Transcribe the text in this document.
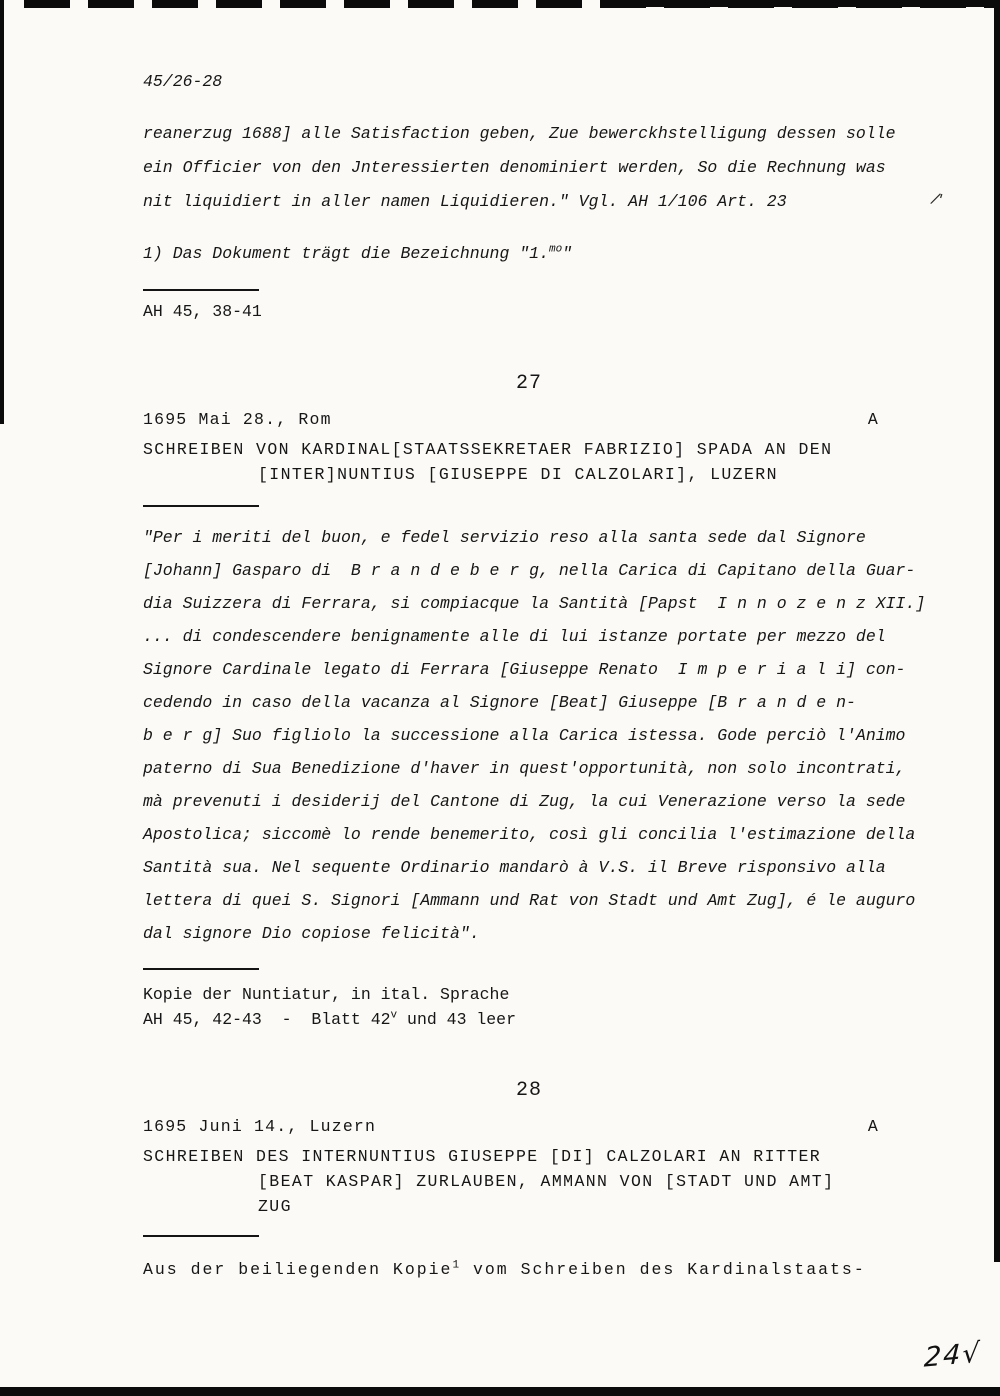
45/26-28
reanerzug 1688] alle Satisfaction geben, Zue bewerckhstelligung dessen solle
ein Officier von den Jnteressierten denominiert werden, So die Rechnung was
nit liquidiert in aller namen Liquidieren." Vgl. AH 1/106 Art. 23
1) Das Dokument trägt die Bezeichnung "1.$^{mo}$"
AH 45, 38-41
27
1695 Mai 28., Rom	A
SCHREIBEN VON KARDINAL[STAATSSEKRETAER FABRIZIO] SPADA AN DEN
[INTER]NUNTIUS [GIUSEPPE DI CALZOLARI], LUZERN
"Per i meriti del buon, e fedel servizio reso alla santa sede dal Signore
[Johann] Gasparo di  B r a n d e b e r g, nella Carica di Capitano della Guar-
dia Suizzera di Ferrara, si compiacque la Santità [Papst  I n n o z e n z XII.]
... di condescendere benignamente alle di lui istanze portate per mezzo del
Signore Cardinale legato di Ferrara [Giuseppe Renato  I m p e r i a l i] con-
cedendo in caso della vacanza al Signore [Beat] Giuseppe [B r a n d e n-
b e r g] Suo figliolo la successione alla Carica istessa. Gode perciò l'Animo
paterno di Sua Benedizione d'haver in quest'opportunità, non solo incontrati,
mà prevenuti i desiderij del Cantone di Zug, la cui Venerazione verso la sede
Apostolica; siccomè lo rende benemerito, così gli concilia l'estimazione della
Santità sua. Nel sequente Ordinario mandarò à V.S. il Breve risponsivo alla
lettera di quei S. Signori [Ammann und Rat von Stadt und Amt Zug], é le auguro
dal signore Dio copiose felicità".
Kopie der Nuntiatur, in ital. Sprache
AH 45, 42-43  -  Blatt 42$^v$ und 43 leer
28
1695 Juni 14., Luzern	A
SCHREIBEN DES INTERNUNTIUS GIUSEPPE [DI] CALZOLARI AN RITTER
[BEAT KASPAR] ZURLAUBEN, AMMANN VON [STADT UND AMT]
ZUG
Aus der beiliegenden Kopie$^1$ vom Schreiben des Kardinalstaats-
/'
24√
